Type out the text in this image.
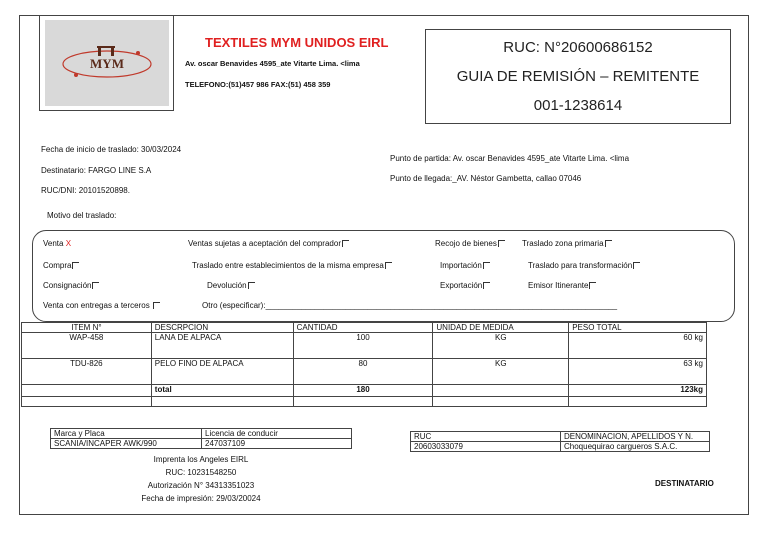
MYM
TEXTILES MYM UNIDOS EIRL
Av. oscar Benavides 4595_ate Vitarte Lima. <lima
TELEFONO:(51)457 986 FAX:(51) 458 359
RUC: N°20600686152
GUIA DE REMISIÓN – REMITENTE
001-1238614
Fecha de inicio de traslado: 30/03/2024
Destinatario: FARGO LINE S.A
RUC/DNI: 20101520898.
Motivo del traslado:
Punto de partida: Av. oscar Benavides 4595_ate Vitarte Lima. <lima
Punto de llegada:_AV. Néstor Gambetta, callao 07046
Venta X	Ventas sujetas a aceptación del comprador	Recojo de bienes	Traslado zona primaria
Compra	Traslado entre establecimientos de la misma empresa	Importación	Traslado para transformación
Consignación	Devolución	Exportación	Emisor Itinerante
Venta con entregas a terceros	Otro (especificar):_______________________________________________________________________________
ITEM N°	DESCRPCION	CANTIDAD	UNIDAD DE MEDIDA	PESO TOTAL
WAP-458	LANA DE ALPACA	100	KG	60 kg
TDU-826	PELO FINO DE ALPACA	80	KG	63 kg
	total	180		123kg

Marca y Placa	Licencia de conducir
SCANIA/INCAPER AWK/990	247037109
Imprenta los Angeles EIRL
RUC: 10231548250
Autorización N° 34313351023
Fecha de impresión: 29/03/20024
RUC	DENOMINACION, APELLIDOS Y N.
20603033079	Choquequirao cargueros S.A.C.
DESTINATARIO
